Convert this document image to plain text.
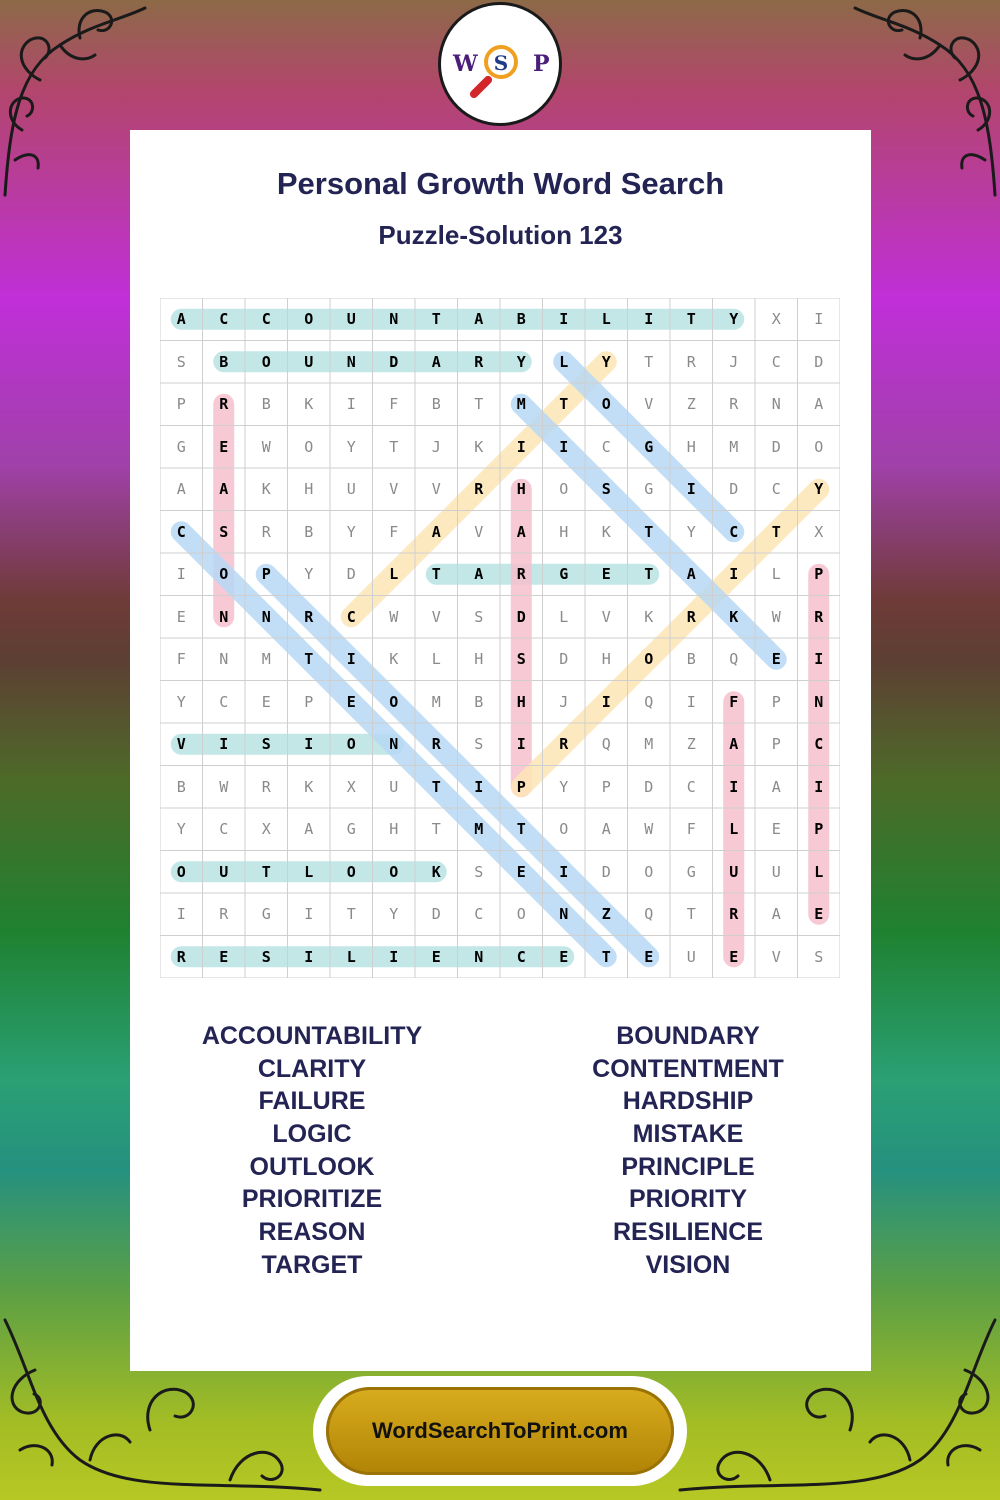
W S P
Personal Growth Word Search
Puzzle-Solution 123
A	C	C	O	U	N	T	A	B	I	L	I	T	Y	X	I
S	B	O	U	N	D	A	R	Y	L	Y	T	R	J	C	D
P	R	B	K	I	F	B	T	M	T	O	V	Z	R	N	A
G	E	W	O	Y	T	J	K	I	I	C	G	H	M	D	O
A	A	K	H	U	V	V	R	H	O	S	G	I	D	C	Y
C	S	R	B	Y	F	A	V	A	H	K	T	Y	C	T	X
I	O	P	Y	D	L	T	A	R	G	E	T	A	I	L	P
E	N	N	R	C	W	V	S	D	L	V	K	R	K	W	R
F	N	M	T	I	K	L	H	S	D	H	O	B	Q	E	I
Y	C	E	P	E	O	M	B	H	J	I	Q	I	F	P	N
V	I	S	I	O	N	R	S	I	R	Q	M	Z	A	P	C
B	W	R	K	X	U	T	I	P	Y	P	D	C	I	A	I
Y	C	X	A	G	H	T	M	T	O	A	W	F	L	E	P
O	U	T	L	O	O	K	S	E	I	D	O	G	U	U	L
I	R	G	I	T	Y	D	C	O	N	Z	Q	T	R	A	E
R	E	S	I	L	I	E	N	C	E	T	E	U	E	V	S
ACCOUNTABILITY
CLARITY
FAILURE
LOGIC
OUTLOOK
PRIORITIZE
REASON
TARGET
BOUNDARY
CONTENTMENT
HARDSHIP
MISTAKE
PRINCIPLE
PRIORITY
RESILIENCE
VISION
WordSearchToPrint.com
